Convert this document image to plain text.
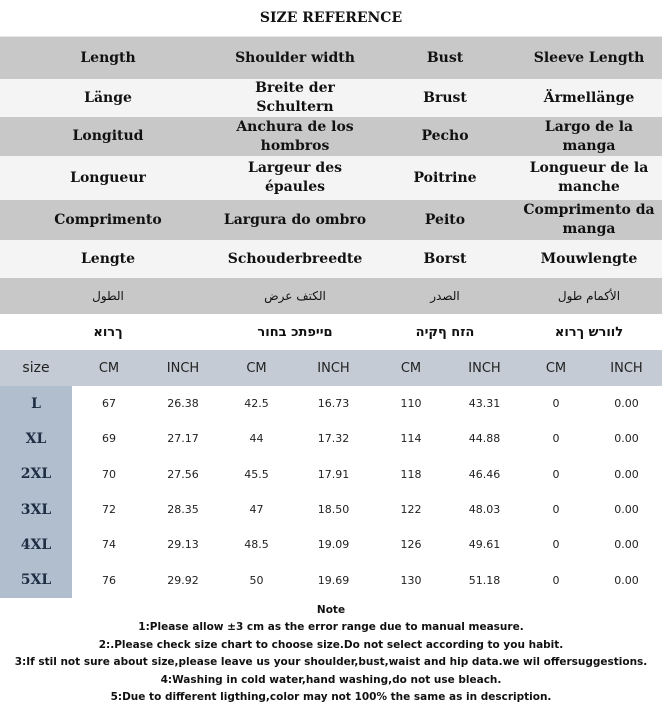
SIZE REFERENCE
Length	Shoulder width	Bust	Sleeve Length
Länge	Breite der Schultern	Brust	Ärmellänge
Longitud	Anchura de los hombros	Pecho	Largo de la manga
Longueur	Largeur des épaules	Poitrine	Longueur de la manche
Comprimento	Largura do ombro	Peito	Comprimento da manga
Lengte	Schouderbreedte	Borst	Mouwlengte
الطول	الكتف عرض	الصدر	الأكمام طول
ךרוא	םייפתכ בחור	הזח ףקיה	לוורש ךרוא
size	CM	INCH	CM	INCH	CM	INCH	CM	INCH
L	67	26.38	42.5	16.73	110	43.31	0	0.00
XL	69	27.17	44	17.32	114	44.88	0	0.00
2XL	70	27.56	45.5	17.91	118	46.46	0	0.00
3XL	72	28.35	47	18.50	122	48.03	0	0.00
4XL	74	29.13	48.5	19.09	126	49.61	0	0.00
5XL	76	29.92	50	19.69	130	51.18	0	0.00
Note
1:Please allow ±3 cm as the error range due to manual measure.
2:.Please check size chart to choose size.Do not select according to you habit.
3:If stil not sure about size,please leave us your shoulder,bust,waist and hip data.we wil offersuggestions.
4:Washing in cold water,hand washing,do not use bleach.
5:Due to different ligthing,color may not 100% the same as in description.
